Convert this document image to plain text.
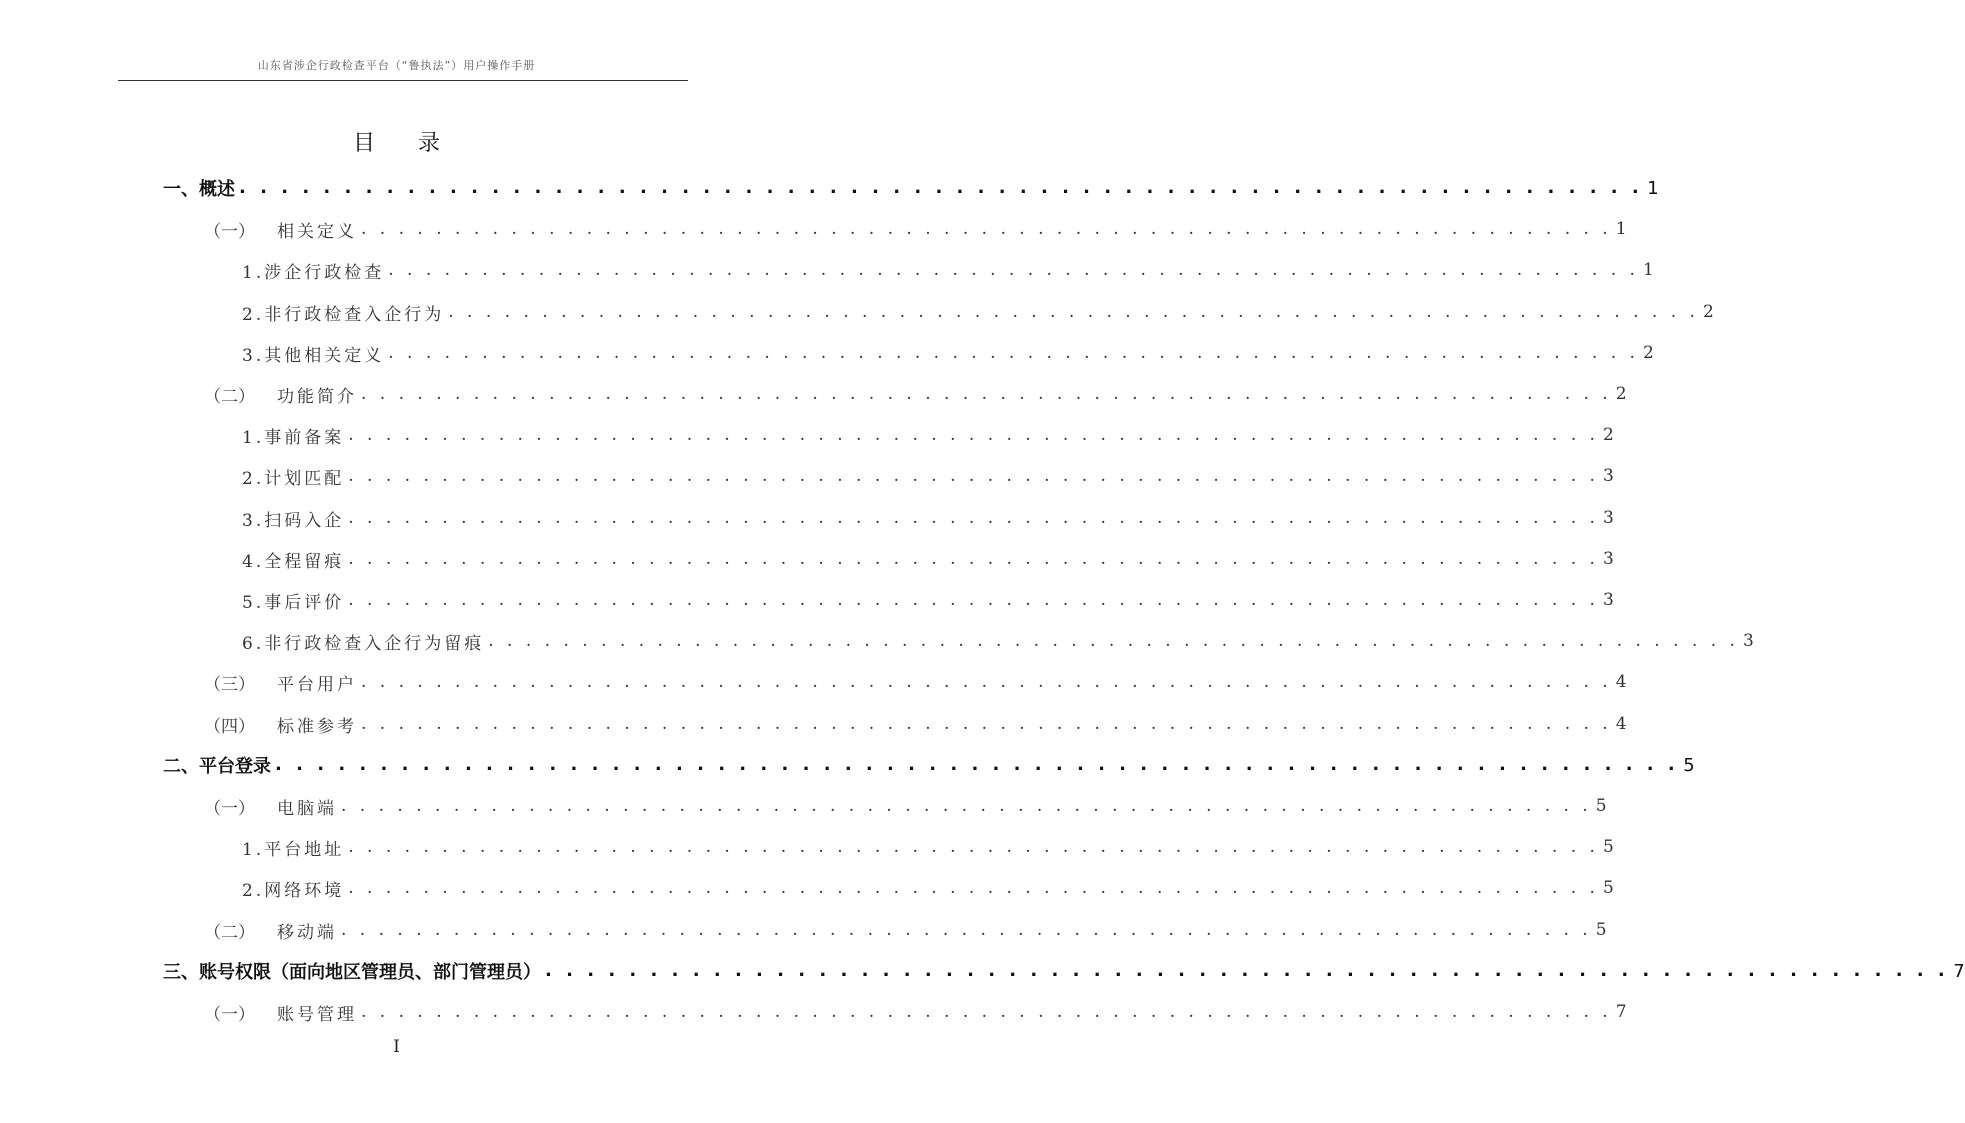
山东省涉企行政检查平台（“鲁执法”）用户操作手册
目 录
一、概述 . . . . . . . . . . . . . . . . . . . . . . . . . . . . . . . . . . . . . . . . . . . . . . . . . . . . . . . . . . . . . . . . . . . 1
（一） 相关定义 . . . . . . . . . . . . . . . . . . . . . . . . . . . . . . . . . . . . . . . . . . . . . . . . . . . . . . . . . . . . . . . . . . . 1
1.涉企行政检查 . . . . . . . . . . . . . . . . . . . . . . . . . . . . . . . . . . . . . . . . . . . . . . . . . . . . . . . . . . . . . . . . . . . 1
2.非行政检查入企行为 . . . . . . . . . . . . . . . . . . . . . . . . . . . . . . . . . . . . . . . . . . . . . . . . . . . . . . . . . . . . . . . . . . . 2
3.其他相关定义 . . . . . . . . . . . . . . . . . . . . . . . . . . . . . . . . . . . . . . . . . . . . . . . . . . . . . . . . . . . . . . . . . . . 2
（二） 功能简介 . . . . . . . . . . . . . . . . . . . . . . . . . . . . . . . . . . . . . . . . . . . . . . . . . . . . . . . . . . . . . . . . . . . 2
1.事前备案 . . . . . . . . . . . . . . . . . . . . . . . . . . . . . . . . . . . . . . . . . . . . . . . . . . . . . . . . . . . . . . . . . . . 2
2.计划匹配 . . . . . . . . . . . . . . . . . . . . . . . . . . . . . . . . . . . . . . . . . . . . . . . . . . . . . . . . . . . . . . . . . . . 3
3.扫码入企 . . . . . . . . . . . . . . . . . . . . . . . . . . . . . . . . . . . . . . . . . . . . . . . . . . . . . . . . . . . . . . . . . . . 3
4.全程留痕 . . . . . . . . . . . . . . . . . . . . . . . . . . . . . . . . . . . . . . . . . . . . . . . . . . . . . . . . . . . . . . . . . . . 3
5.事后评价 . . . . . . . . . . . . . . . . . . . . . . . . . . . . . . . . . . . . . . . . . . . . . . . . . . . . . . . . . . . . . . . . . . . 3
6.非行政检查入企行为留痕 . . . . . . . . . . . . . . . . . . . . . . . . . . . . . . . . . . . . . . . . . . . . . . . . . . . . . . . . . . . . . . . . . . . 3
（三） 平台用户 . . . . . . . . . . . . . . . . . . . . . . . . . . . . . . . . . . . . . . . . . . . . . . . . . . . . . . . . . . . . . . . . . . . 4
（四） 标准参考 . . . . . . . . . . . . . . . . . . . . . . . . . . . . . . . . . . . . . . . . . . . . . . . . . . . . . . . . . . . . . . . . . . . 4
二、平台登录 . . . . . . . . . . . . . . . . . . . . . . . . . . . . . . . . . . . . . . . . . . . . . . . . . . . . . . . . . . . . . . . . . . . 5
（一） 电脑端 . . . . . . . . . . . . . . . . . . . . . . . . . . . . . . . . . . . . . . . . . . . . . . . . . . . . . . . . . . . . . . . . . . . 5
1.平台地址 . . . . . . . . . . . . . . . . . . . . . . . . . . . . . . . . . . . . . . . . . . . . . . . . . . . . . . . . . . . . . . . . . . . 5
2.网络环境 . . . . . . . . . . . . . . . . . . . . . . . . . . . . . . . . . . . . . . . . . . . . . . . . . . . . . . . . . . . . . . . . . . . 5
（二） 移动端 . . . . . . . . . . . . . . . . . . . . . . . . . . . . . . . . . . . . . . . . . . . . . . . . . . . . . . . . . . . . . . . . . . . 5
三、账号权限（面向地区管理员、部门管理员） . . . . . . . . . . . . . . . . . . . . . . . . . . . . . . . . . . . . . . . . . . . . . . . . . . . . . . . . . . . . . . . . . . . 7
（一） 账号管理 . . . . . . . . . . . . . . . . . . . . . . . . . . . . . . . . . . . . . . . . . . . . . . . . . . . . . . . . . . . . . . . . . . . 7
I
